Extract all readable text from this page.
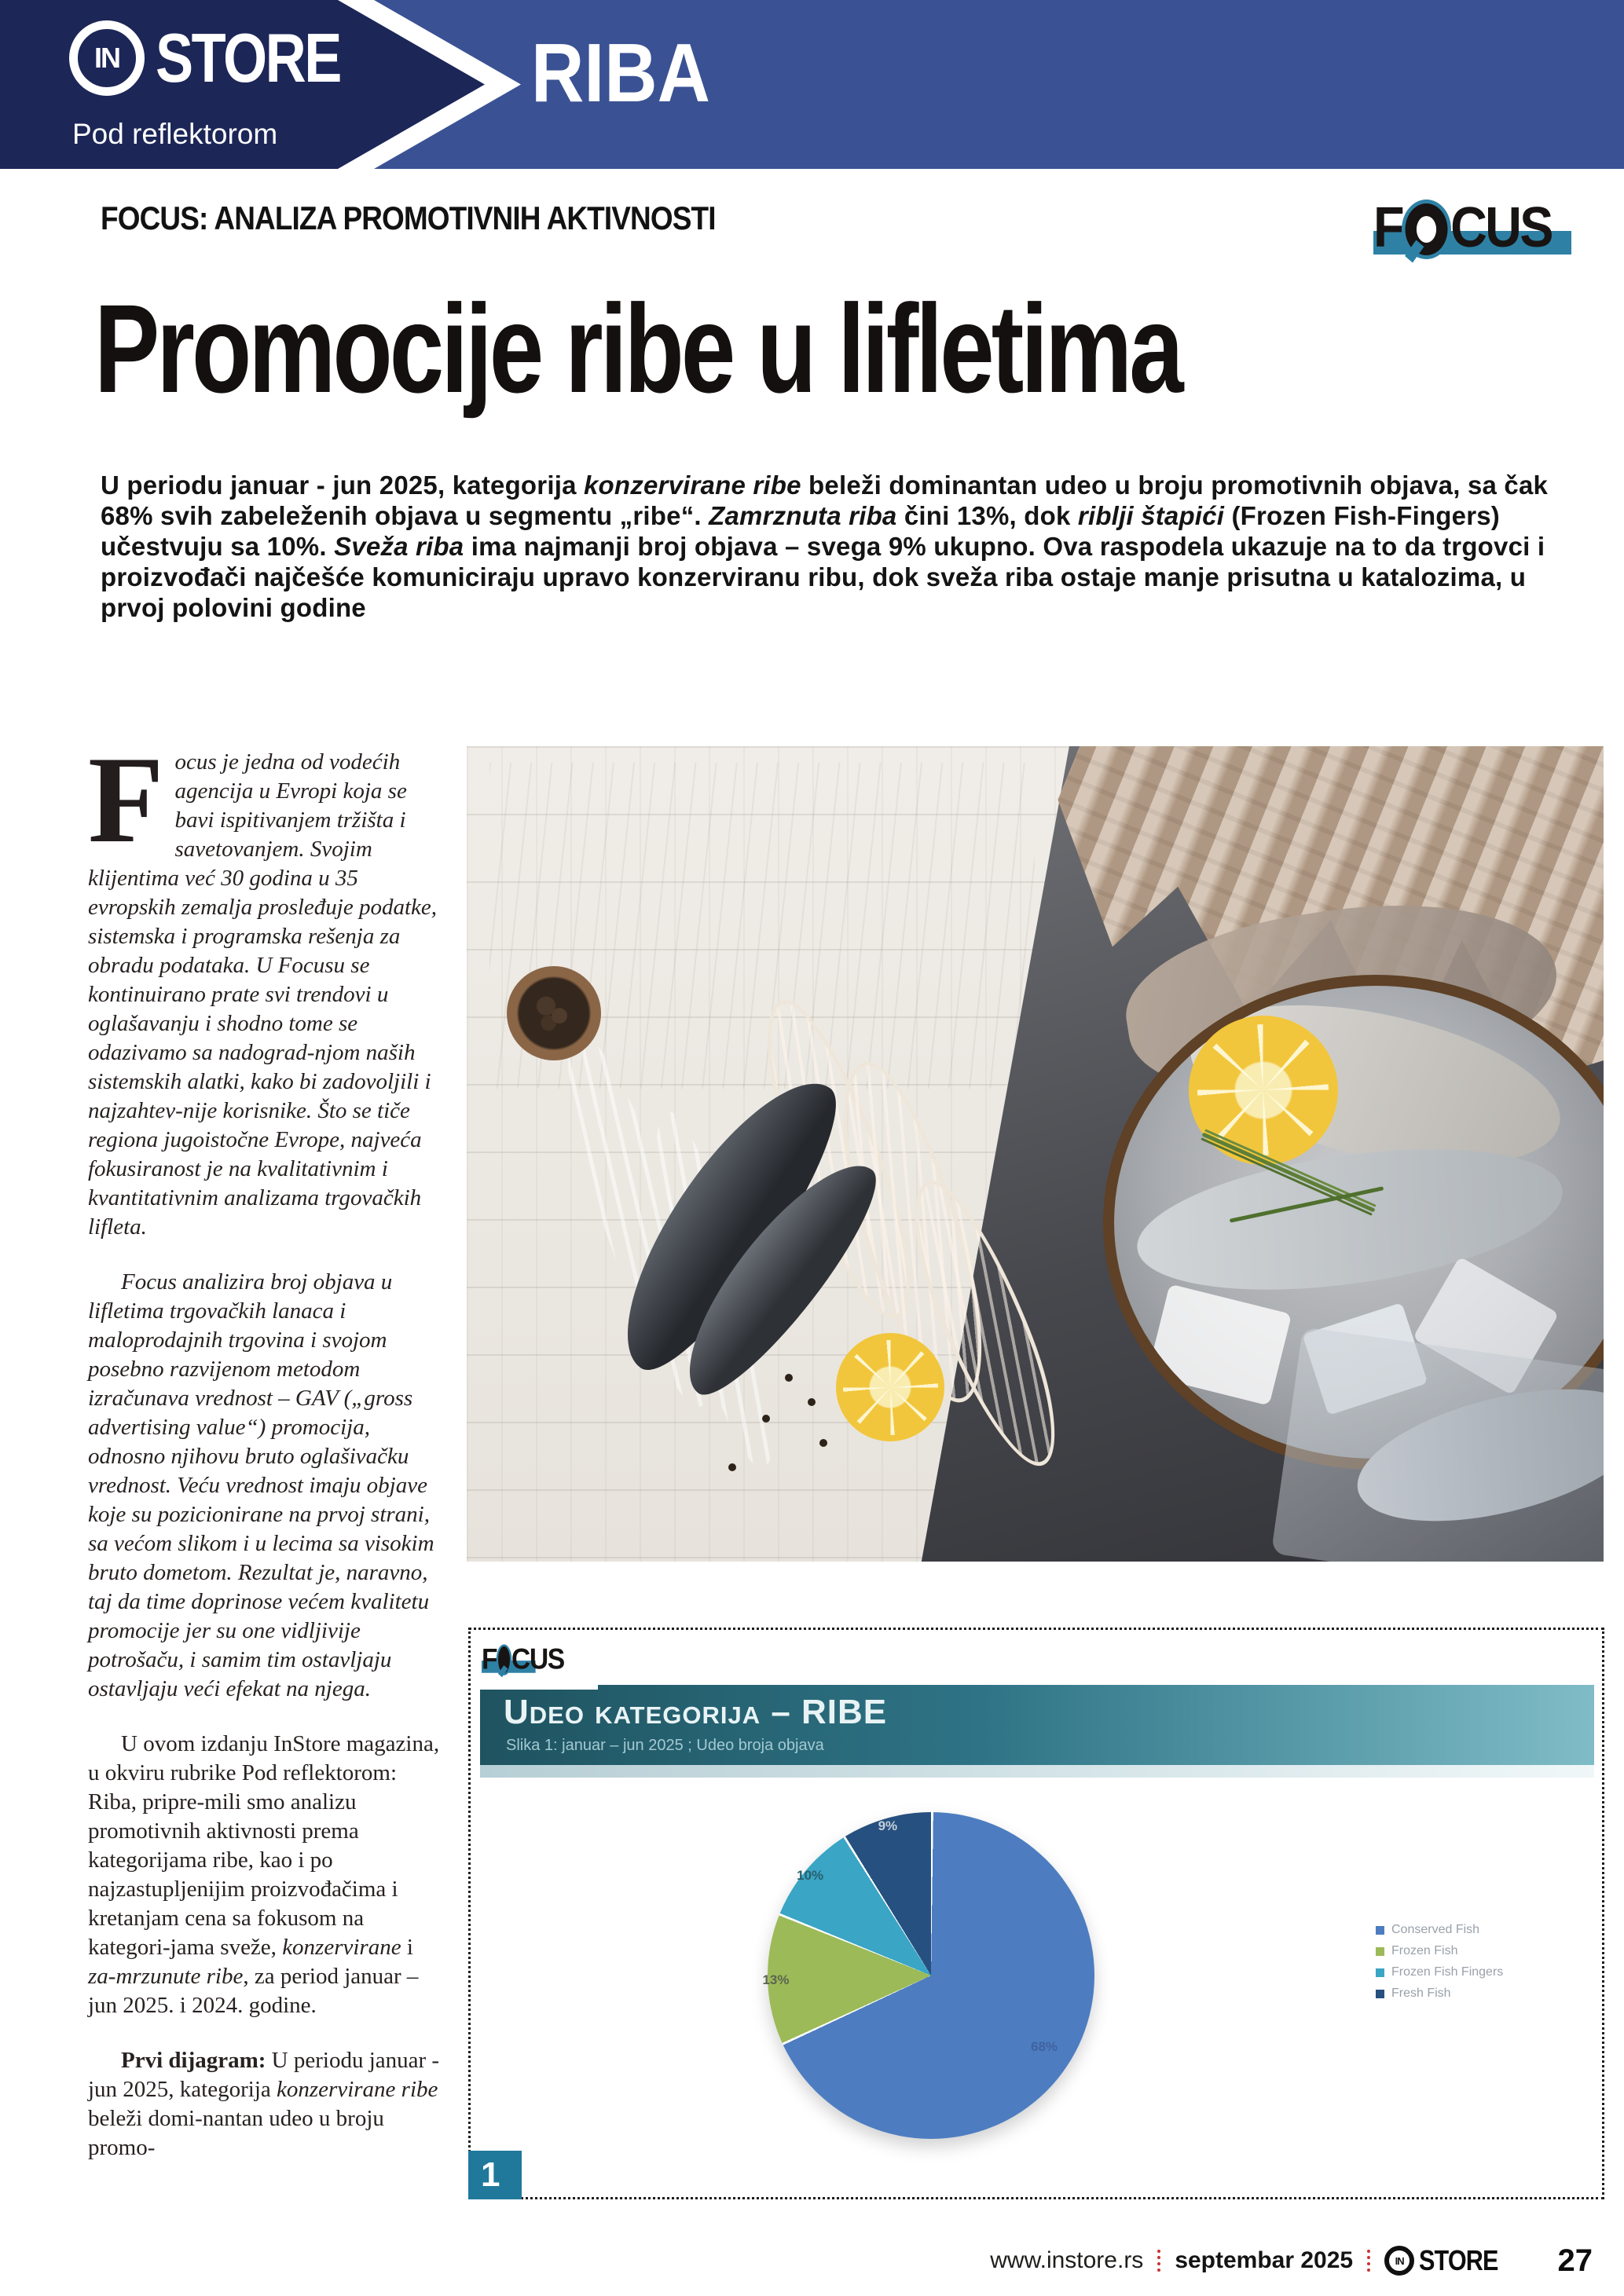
IN STORE
Pod reflektorom
RIBA
FOCUS: ANALIZA PROMOTIVNIH AKTIVNOSTI	F CUS
Promocije ribe u lifletima
U periodu januar - jun 2025, kategorija konzervirane ribe beleži dominantan udeo u broju promotivnih objava, sa čak 68% svih zabeleženih objava u segmentu „ribe“. Zamrznuta riba čini 13%, dok riblji štapići (Frozen Fish-Fingers) učestvuju sa 10%. Sveža riba ima najmanji broj objava – svega 9% ukupno. Ova raspodela ukazuje na to da trgovci i proizvođači najčešće komuniciraju upravo konzerviranu ribu, dok sveža riba ostaje manje prisutna u katalozima, u prvoj polovini godine
Focus je jedna od vodećih agencija u Evropi koja se bavi ispitivanjem tržišta i savetovanjem. Svojim klijentima već 30 godina u 35 evropskih zemalja prosleđuje podatke, sistemska i programska rešenja za obradu podataka. U Focusu se kontinuirano prate svi trendovi u oglašavanju i shodno tome se odazivamo sa nadograd-njom naših sistemskih alatki, kako bi zadovoljili i najzahtev-nije korisnike. Što se tiče regiona jugoistočne Evrope, najveća fokusiranost je na kvalitativnim i kvantitativnim analizama trgovačkih lifleta.
Focus analizira broj objava u lifletima trgovačkih lanaca i maloprodajnih trgovina i svojom posebno razvijenom metodom izračunava vrednost – GAV („gross advertising value“) promocija, odnosno njihovu bruto oglašivačku vrednost. Veću vrednost imaju objave koje su pozicionirane na prvoj strani, sa većom slikom i u lecima sa visokim bruto dometom. Rezultat je, naravno, taj da time doprinose većem kvalitetu promocije jer su one vidljivije potrošaču, i samim tim ostavljaju ostavljaju veći efekat na njega.
U ovom izdanju InStore magazina, u okviru rubrike Pod reflektorom: Riba, pripre-mili smo analizu promotivnih aktivnosti prema kategorijama ribe, kao i po najzastupljenijim proizvođačima i kretanjam cena sa fokusom na kategori-jama sveže, konzervirane i za-mrzunute ribe, za period januar – jun 2025. i 2024. godine.
Prvi dijagram: U periodu januar - jun 2025, kategorija konzervirane ribe beleži domi-nantan udeo u broju promo-
F CUS
Udeo kategorija – RIBE
Slika 1: januar – jun 2025 ; Udeo broja objava
68%
13%
10%
9%
Conserved Fish
Frozen Fish
Frozen Fish Fingers
Fresh Fish
1
www.instore.rs septembar 2025	IN STORE 27
